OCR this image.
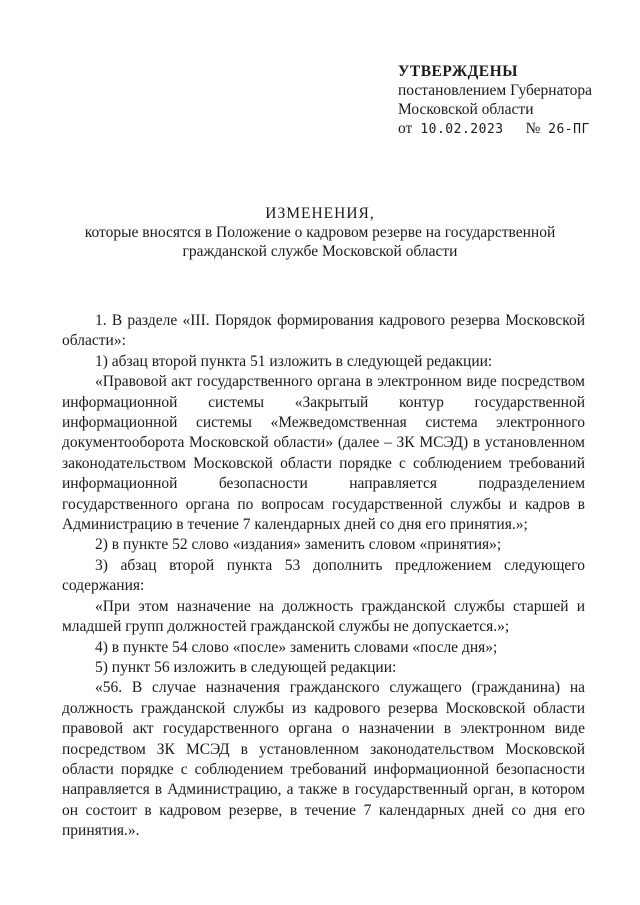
УТВЕРЖДЕНЫ
постановлением Губернатора
Московской области
от 10.02.2023 № 26-ПГ
ИЗМЕНЕНИЯ,
которые вносятся в Положение о кадровом резерве на государственной
гражданской службе Московской области

1. В разделе «III. Порядок формирования кадрового резерва Московской области»:

1) абзац второй пункта 51 изложить в следующей редакции:

«Правовой акт государственного органа в электронном виде посредством информационной системы «Закрытый контур государственной информационной системы «Межведомственная система электронного документооборота Московской области» (далее – ЗК МСЭД) в установленном законодательством Московской области порядке с соблюдением требований информационной безопасности направляется подразделением государственного органа по вопросам государственной службы и кадров в Администрацию в течение 7 календарных дней со дня его принятия.»;

2) в пункте 52 слово «издания» заменить словом «принятия»;

3) абзац второй пункта 53 дополнить предложением следующего содержания:

«При этом назначение на должность гражданской службы старшей и младшей групп должностей гражданской службы не допускается.»;

4) в пункте 54 слово «после» заменить словами «после дня»;

5) пункт 56 изложить в следующей редакции:

«56. В случае назначения гражданского служащего (гражданина) на должность гражданской службы из кадрового резерва Московской области правовой акт государственного органа о назначении в электронном виде посредством ЗК МСЭД в установленном законодательством Московской области порядке с соблюдением требований информационной безопасности направляется в Администрацию, а также в государственный орган, в котором он состоит в кадровом резерве, в течение 7 календарных дней со дня его принятия.».
